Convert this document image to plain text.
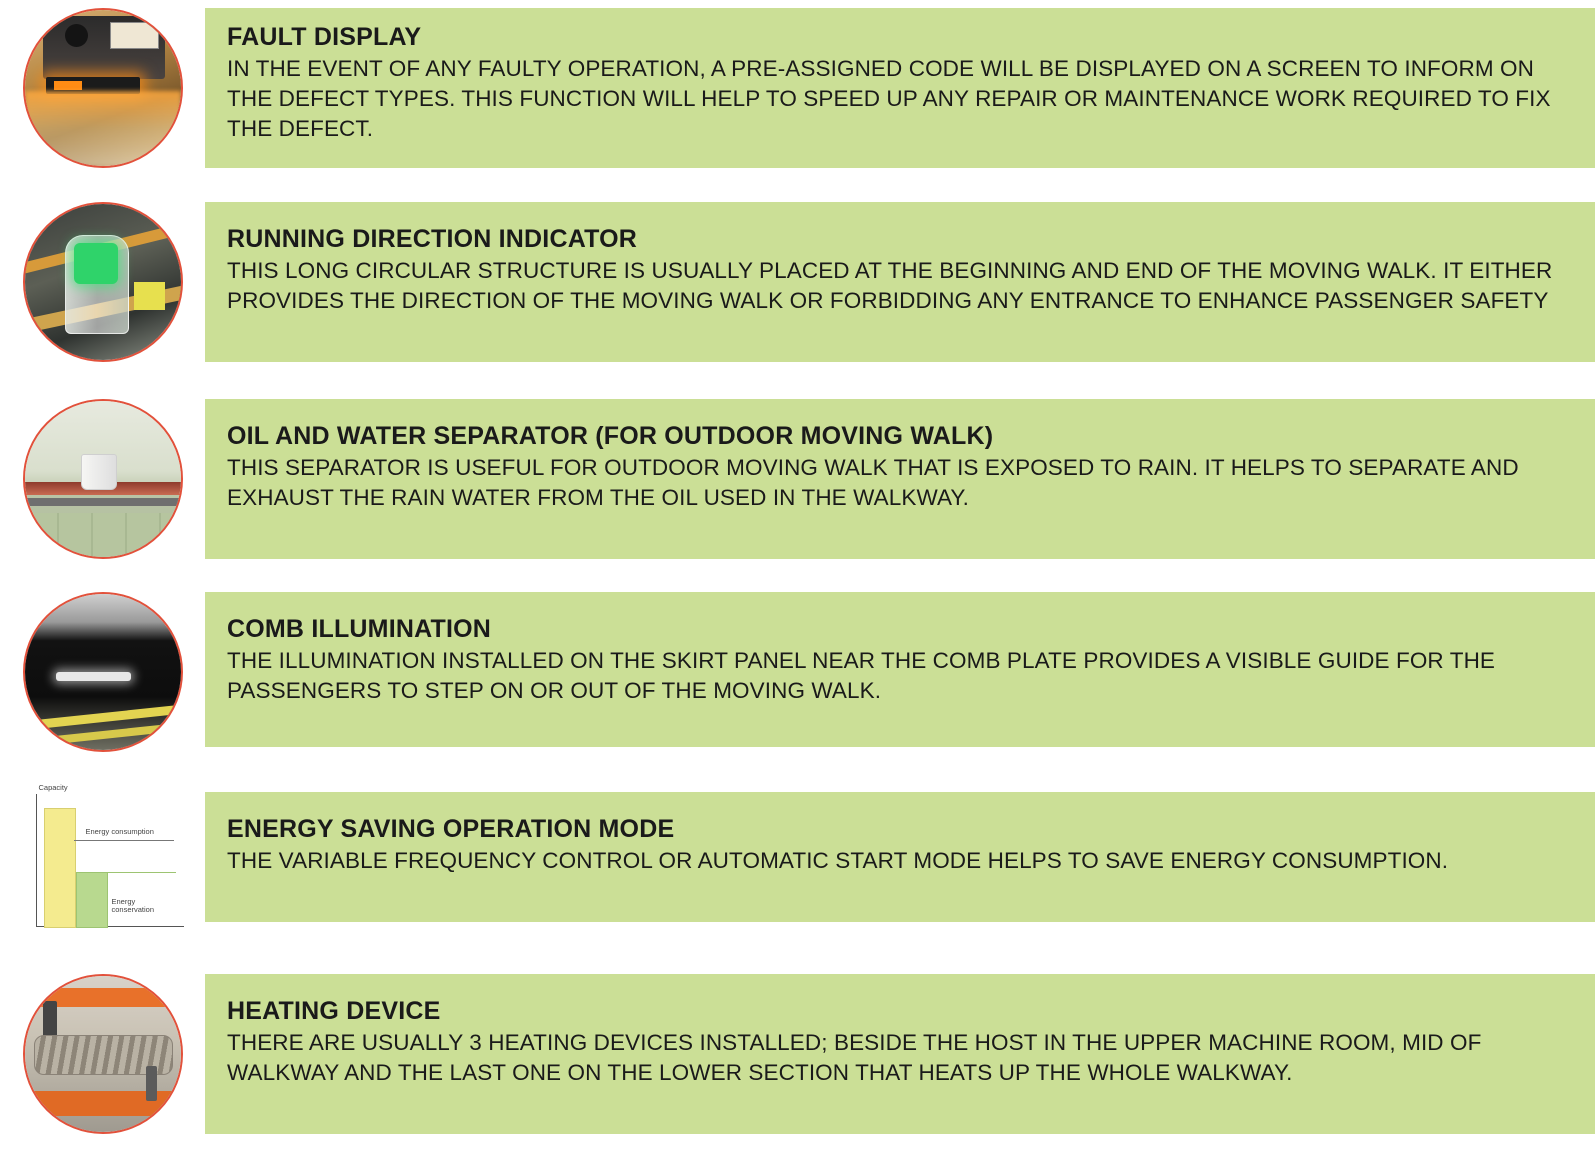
FAULT DISPLAY

IN THE EVENT OF ANY FAULTY OPERATION, A PRE-ASSIGNED CODE WILL BE DISPLAYED ON A SCREEN TO INFORM ON THE DEFECT TYPES. THIS FUNCTION WILL HELP TO SPEED UP ANY REPAIR OR MAINTENANCE WORK REQUIRED TO FIX THE DEFECT.

RUNNING DIRECTION INDICATOR

THIS LONG CIRCULAR STRUCTURE IS USUALLY PLACED AT THE BEGINNING AND END OF THE MOVING WALK. IT EITHER PROVIDES THE DIRECTION OF THE MOVING WALK OR FORBIDDING ANY ENTRANCE TO ENHANCE PASSENGER SAFETY

OIL AND WATER SEPARATOR (FOR OUTDOOR MOVING WALK)

THIS SEPARATOR IS USEFUL FOR OUTDOOR MOVING WALK THAT IS EXPOSED TO RAIN. IT HELPS TO SEPARATE AND EXHAUST THE RAIN WATER FROM THE OIL USED IN THE WALKWAY.

COMB ILLUMINATION

THE ILLUMINATION INSTALLED ON THE SKIRT PANEL NEAR THE COMB PLATE PROVIDES A VISIBLE GUIDE FOR THE PASSENGERS TO STEP ON OR OUT OF THE MOVING WALK.

Capacity
Energy consumption
Energy conservation
ENERGY SAVING OPERATION MODE

THE VARIABLE FREQUENCY CONTROL OR AUTOMATIC START MODE HELPS TO SAVE ENERGY CONSUMPTION.

HEATING DEVICE

THERE ARE USUALLY 3 HEATING DEVICES INSTALLED; BESIDE THE HOST IN THE UPPER MACHINE ROOM, MID OF WALKWAY AND THE LAST ONE ON THE LOWER SECTION THAT HEATS UP THE WHOLE WALKWAY.
